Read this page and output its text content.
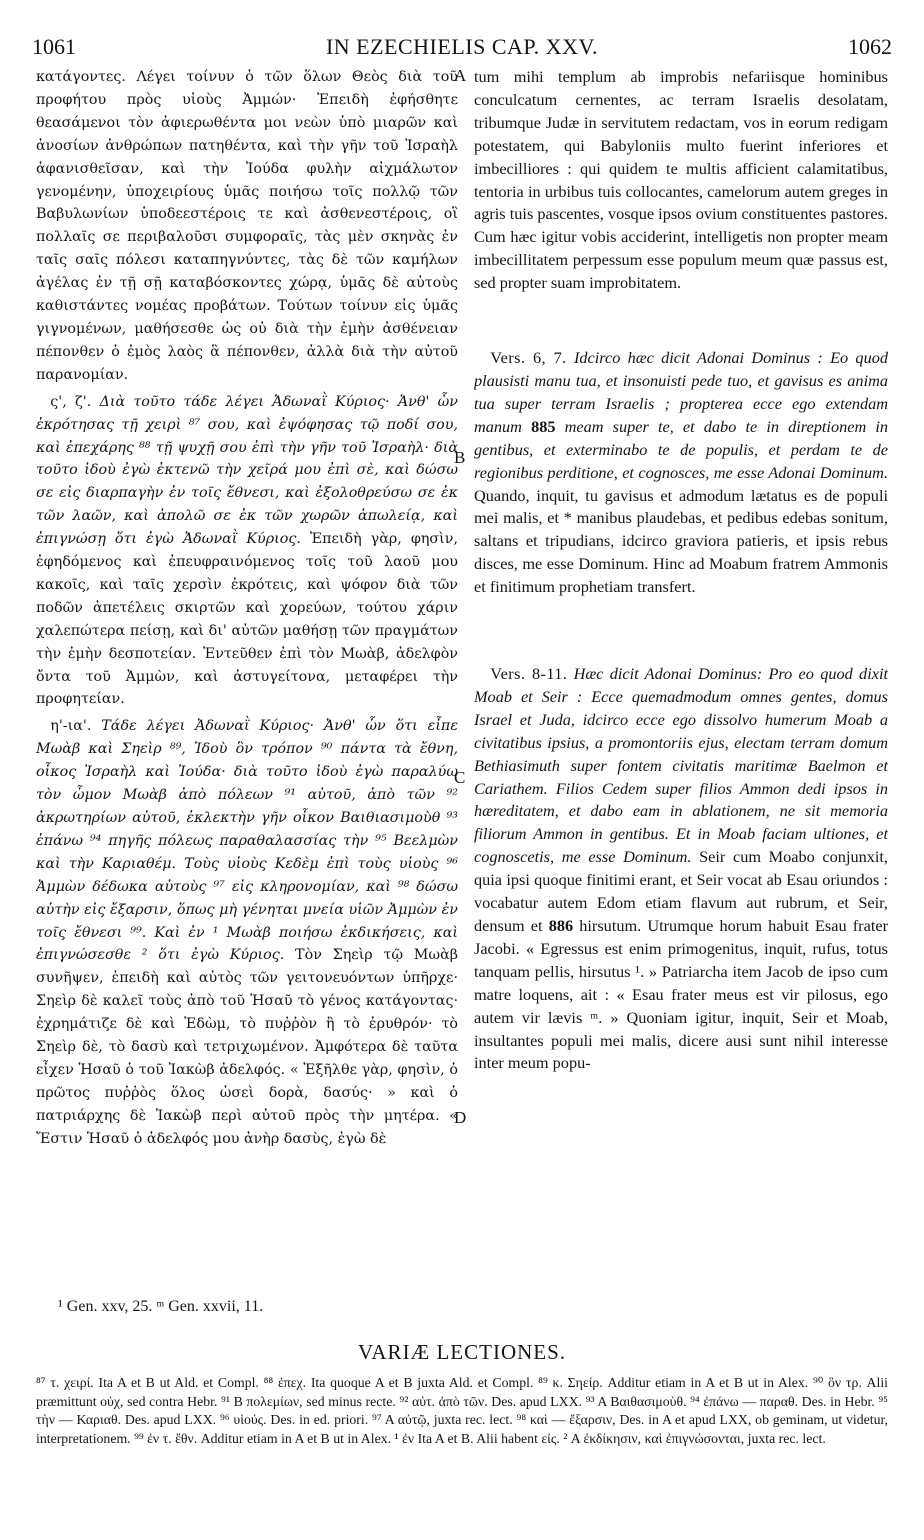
1061	IN EZECHIELIS CAP. XXV.	1062

κατάγοντες. Λέγει τοίνυν ὁ τῶν ὅλων Θεὸς διὰ τοῦ προφήτου πρὸς υἱοὺς Ἀμμών· Ἐπειδὴ ἐφήσθητε θεασάμενοι τὸν ἀφιερωθέντα μοι νεὼν ὑπὸ μιαρῶν καὶ ἀνοσίων ἀνθρώπων πατηθέντα, καὶ τὴν γῆν τοῦ Ἰσραὴλ ἀφανισθεῖσαν, καὶ τὴν Ἰούδα φυλὴν αἰχμάλωτον γενομένην, ὑποχειρίους ὑμᾶς ποιήσω τοῖς πολλῷ τῶν Βαβυλωνίων ὑποδεεστέροις τε καὶ ἀσθενεστέροις, οἳ πολλαῖς σε περιβαλοῦσι συμφοραῖς, τὰς μὲν σκηνὰς ἐν ταῖς σαῖς πόλεσι καταπηγνύντες, τὰς δὲ τῶν καμήλων ἀγέλας ἐν τῇ σῇ καταβόσκοντες χώρᾳ, ὑμᾶς δὲ αὐτοὺς καθιστάντες νομέας προβάτων. Τούτων τοίνυν εἰς ὑμᾶς γιγνομένων, μαθήσεσθε ὡς οὐ διὰ τὴν ἐμὴν ἀσθένειαν πέπονθεν ὁ ἐμὸς λαὸς ἃ πέπονθεν, ἀλλὰ διὰ τὴν αὐτοῦ παρανομίαν.

 ς', ζ'. Διὰ τοῦτο τάδε λέγει Ἀδωναῒ Κύριος· Ἀνθ' ὧν ἐκρότησας τῇ χειρὶ ⁸⁷ σου, καὶ ἐψόφησας τῷ ποδί σου, καὶ ἐπεχάρης ⁸⁸ τῇ ψυχῇ σου ἐπὶ τὴν γῆν τοῦ Ἰσραὴλ· διὰ τοῦτο ἰδοὺ ἐγὼ ἐκτενῶ τὴν χεῖρά μου ἐπὶ σὲ, καὶ δώσω σε εἰς διαρπαγὴν ἐν τοῖς ἔθνεσι, καὶ ἐξολοθρεύσω σε ἐκ τῶν λαῶν, καὶ ἀπολῶ σε ἐκ τῶν χωρῶν ἀπωλείᾳ, καὶ ἐπιγνώσῃ ὅτι ἐγὼ Ἀδωναῒ Κύριος. Ἐπειδὴ γὰρ, φησὶν, ἐφηδόμενος καὶ ἐπευφραινόμενος τοῖς τοῦ λαοῦ μου κακοῖς, καὶ ταῖς χερσὶν ἐκρότεις, καὶ ψόφον διὰ τῶν ποδῶν ἀπετέλεις σκιρτῶν καὶ χορεύων, τούτου χάριν χαλεπώτερα πείσῃ, καὶ δι' αὐτῶν μαθήσῃ τῶν πραγμάτων τὴν ἐμὴν δεσποτείαν. Ἐντεῦθεν ἐπὶ τὸν Μωὰβ, ἀδελφὸν ὄντα τοῦ Ἀμμὼν, καὶ ἀστυγείτονα, μεταφέρει τὴν προφητείαν.

 η'-ια'. Τάδε λέγει Ἀδωναῒ Κύριος· Ἀνθ' ὧν ὅτι εἶπε Μωὰβ καὶ Σηεὶρ ⁸⁹, Ἰδοὺ ὃν τρόπον ⁹⁰ πάντα τὰ ἔθνη, οἶκος Ἰσραὴλ καὶ Ἰούδα· διὰ τοῦτο ἰδοὺ ἐγὼ παραλύω τὸν ὦμον Μωὰβ ἀπὸ πόλεων ⁹¹ αὐτοῦ, ἀπὸ τῶν ⁹² ἀκρωτηρίων αὐτοῦ, ἐκλεκτὴν γῆν οἶκον Βαιθιασιμοὺθ ⁹³ ἐπάνω ⁹⁴ πηγῆς πόλεως παραθαλασσίας τὴν ⁹⁵ Βεελμὼν καὶ τὴν Καριαθέμ. Τοὺς υἱοὺς Κεδὲμ ἐπὶ τοὺς υἱοὺς ⁹⁶ Ἀμμὼν δέδωκα αὐτοὺς ⁹⁷ εἰς κληρονομίαν, καὶ ⁹⁸ δώσω αὐτὴν εἰς ἔξαρσιν, ὅπως μὴ γένηται μνεία υἱῶν Ἀμμὼν ἐν τοῖς ἔθνεσι ⁹⁹. Καὶ ἐν ¹ Μωὰβ ποιήσω ἐκδικήσεις, καὶ ἐπιγνώσεσθε ² ὅτι ἐγὼ Κύριος. Τὸν Σηεὶρ τῷ Μωὰβ συνῆψεν, ἐπειδὴ καὶ αὐτὸς τῶν γειτονευόντων ὑπῆρχε· Σηεὶρ δὲ καλεῖ τοὺς ἀπὸ τοῦ Ἡσαῦ τὸ γένος κατάγοντας· ἐχρημάτιζε δὲ καὶ Ἐδὼμ, τὸ πυῤῥὸν ἢ τὸ ἐρυθρόν· τὸ Σηεὶρ δὲ, τὸ δασὺ καὶ τετριχωμένον. Ἀμφότερα δὲ ταῦτα εἶχεν Ἡσαῦ ὁ τοῦ Ἰακὼβ ἀδελφός. « Ἐξῆλθε γὰρ, φησὶν, ὁ πρῶτος πυῤῥὸς ὅλος ὡσεὶ δορὰ, δασύς· » καὶ ὁ πατριάρχης δὲ Ἰακὼβ περὶ αὐτοῦ πρὸς τὴν μητέρα. « Ἔστιν Ἡσαῦ ὁ ἀδελφός μου ἀνὴρ δασὺς, ἐγὼ δὲ

A
B
C
D

tum mihi templum ab improbis nefariisque hominibus conculcatum cernentes, ac terram Israelis desolatam, tribumque Judæ in servitutem redactam, vos in eorum redigam potestatem, qui Babyloniis multo fuerint inferiores et imbecilliores : qui quidem te multis afficient calamitatibus, tentoria in urbibus tuis collocantes, camelorum autem greges in agris tuis pascentes, vosque ipsos ovium constituentes pastores. Cum hæc igitur vobis acciderint, intelligetis non propter meam imbecillitatem perpessum esse populum meum quæ passus est, sed propter suam improbitatem.

 Vers. 6, 7. Idcirco hæc dicit Adonai Dominus : Eo quod plausisti manu tua, et insonuisti pede tuo, et gavisus es anima tua super terram Israelis ; propterea ecce ego extendam manum 885 meam super te, et dabo te in direptionem in gentibus, et exterminabo te de populis, et perdam te de regionibus perditione, et cognosces, me esse Adonai Dominum. Quando, inquit, tu gavisus et admodum lætatus es de populi mei malis, et * manibus plaudebas, et pedibus edebas sonitum, saltans et tripudians, idcirco graviora patieris, et ipsis rebus disces, me esse Dominum. Hinc ad Moabum fratrem Ammonis et finitimum prophetiam transfert.

 Vers. 8-11. Hæc dicit Adonai Dominus: Pro eo quod dixit Moab et Seir : Ecce quemadmodum omnes gentes, domus Israel et Juda, idcirco ecce ego dissolvo humerum Moab a civitatibus ipsius, a promontoriis ejus, electam terram domum Bethiasimuth super fontem civitatis maritimæ Baelmon et Cariathem. Filios Cedem super filios Ammon dedi ipsos in hæreditatem, et dabo eam in ablationem, ne sit memoria filiorum Ammon in gentibus. Et in Moab faciam ultiones, et cognoscetis, me esse Dominum. Seir cum Moabo conjunxit, quia ipsi quoque finitimi erant, et Seir vocat ab Esau oriundos : vocabatur autem Edom etiam flavum aut rubrum, et Seir, densum et 886 hirsutum. Utrumque horum habuit Esau frater Jacobi. « Egressus est enim primogenitus, inquit, rufus, totus tanquam pellis, hirsutus ¹. » Patriarcha item Jacob de ipso cum matre loquens, ait : « Esau frater meus est vir pilosus, ego autem vir lævis ᵐ. » Quoniam igitur, inquit, Seir et Moab, insultantes populi mei malis, dicere ausi sunt nihil interesse inter meum popu-

¹ Gen. xxv, 25. ᵐ Gen. xxvii, 11.
VARIÆ LECTIONES.
⁸⁷ τ. χειρί. Ita A et B ut Ald. et Compl. ⁸⁸ ἐπεχ. Ita quoque A et B juxta Ald. et Compl. ⁸⁹ κ. Σηείρ. Additur etiam in A et B ut in Alex. ⁹⁰ ὃν τρ. Alii præmittunt οὐχ, sed contra Hebr. ⁹¹ B πολεμίων, sed minus recte. ⁹² αὐτ. ἀπὸ τῶν. Des. apud LXX. ⁹³ A Βαιθασιμοὺθ. ⁹⁴ ἐπάνω — παραθ. Des. in Hebr. ⁹⁵ τὴν — Καριαθ. Des. apud LXX. ⁹⁶ υἱούς. Des. in ed. priori. ⁹⁷ A αὐτῷ, juxta rec. lect. ⁹⁸ καὶ — ἔξαρσιν, Des. in A et apud LXX, ob geminam, ut videtur, interpretationem. ⁹⁹ ἐν τ. ἔθν. Additur etiam in A et B ut in Alex. ¹ ἐν Ita A et B. Alii habent εἰς. ² A ἐκδίκησιν, καὶ ἐπιγνώσονται, juxta rec. lect.
